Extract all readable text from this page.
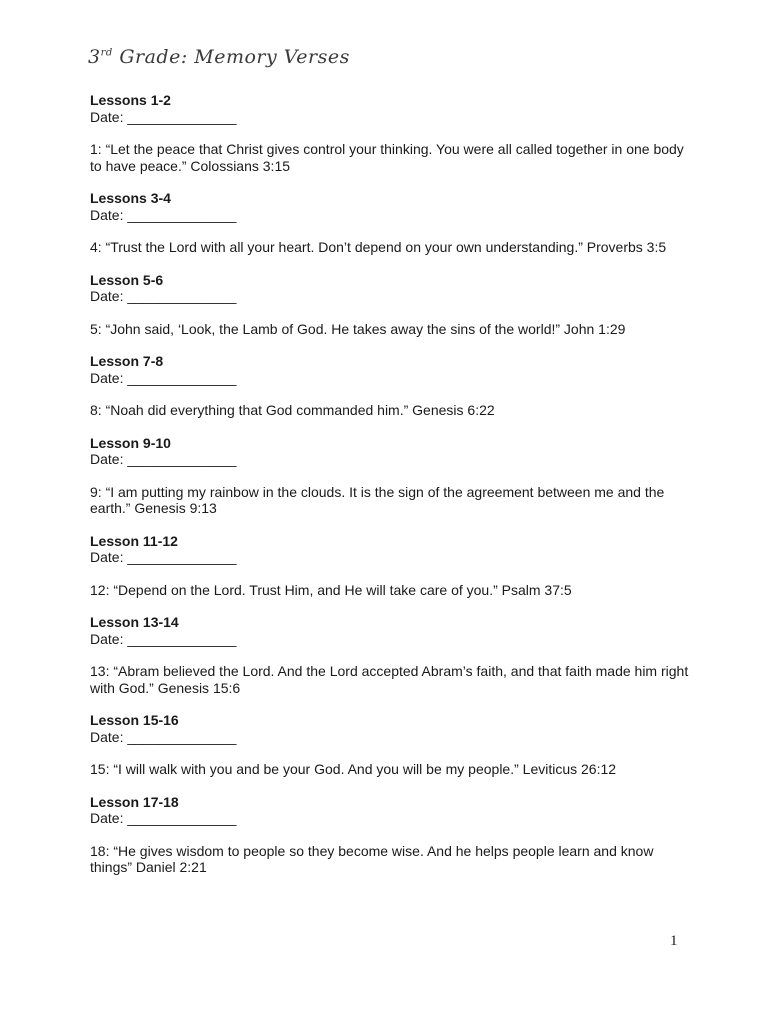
3rd Grade: Memory Verses
Lessons 1-2
Date: ______________
1: “Let the peace that Christ gives control your thinking. You were all called together in one body to have peace.” Colossians 3:15
Lessons 3-4
Date: ______________
4: “Trust the Lord with all your heart. Don’t depend on your own understanding.” Proverbs 3:5
Lesson 5-6
Date: ______________
5: “John said, ‘Look, the Lamb of God. He takes away the sins of the world!” John 1:29
Lesson 7-8
Date: ______________
8: “Noah did everything that God commanded him.” Genesis 6:22
Lesson 9-10
Date: ______________
9: “I am putting my rainbow in the clouds. It is the sign of the agreement between me and the earth.” Genesis 9:13
Lesson 11-12
Date: ______________
12: “Depend on the Lord. Trust Him, and He will take care of you.” Psalm 37:5
Lesson 13-14
Date: ______________
13: “Abram believed the Lord. And the Lord accepted Abram’s faith, and that faith made him right with God.” Genesis 15:6
Lesson 15-16
Date: ______________
15: “I will walk with you and be your God. And you will be my people.” Leviticus 26:12
Lesson 17-18
Date: ______________
18: “He gives wisdom to people so they become wise. And he helps people learn and know things” Daniel 2:21
1
